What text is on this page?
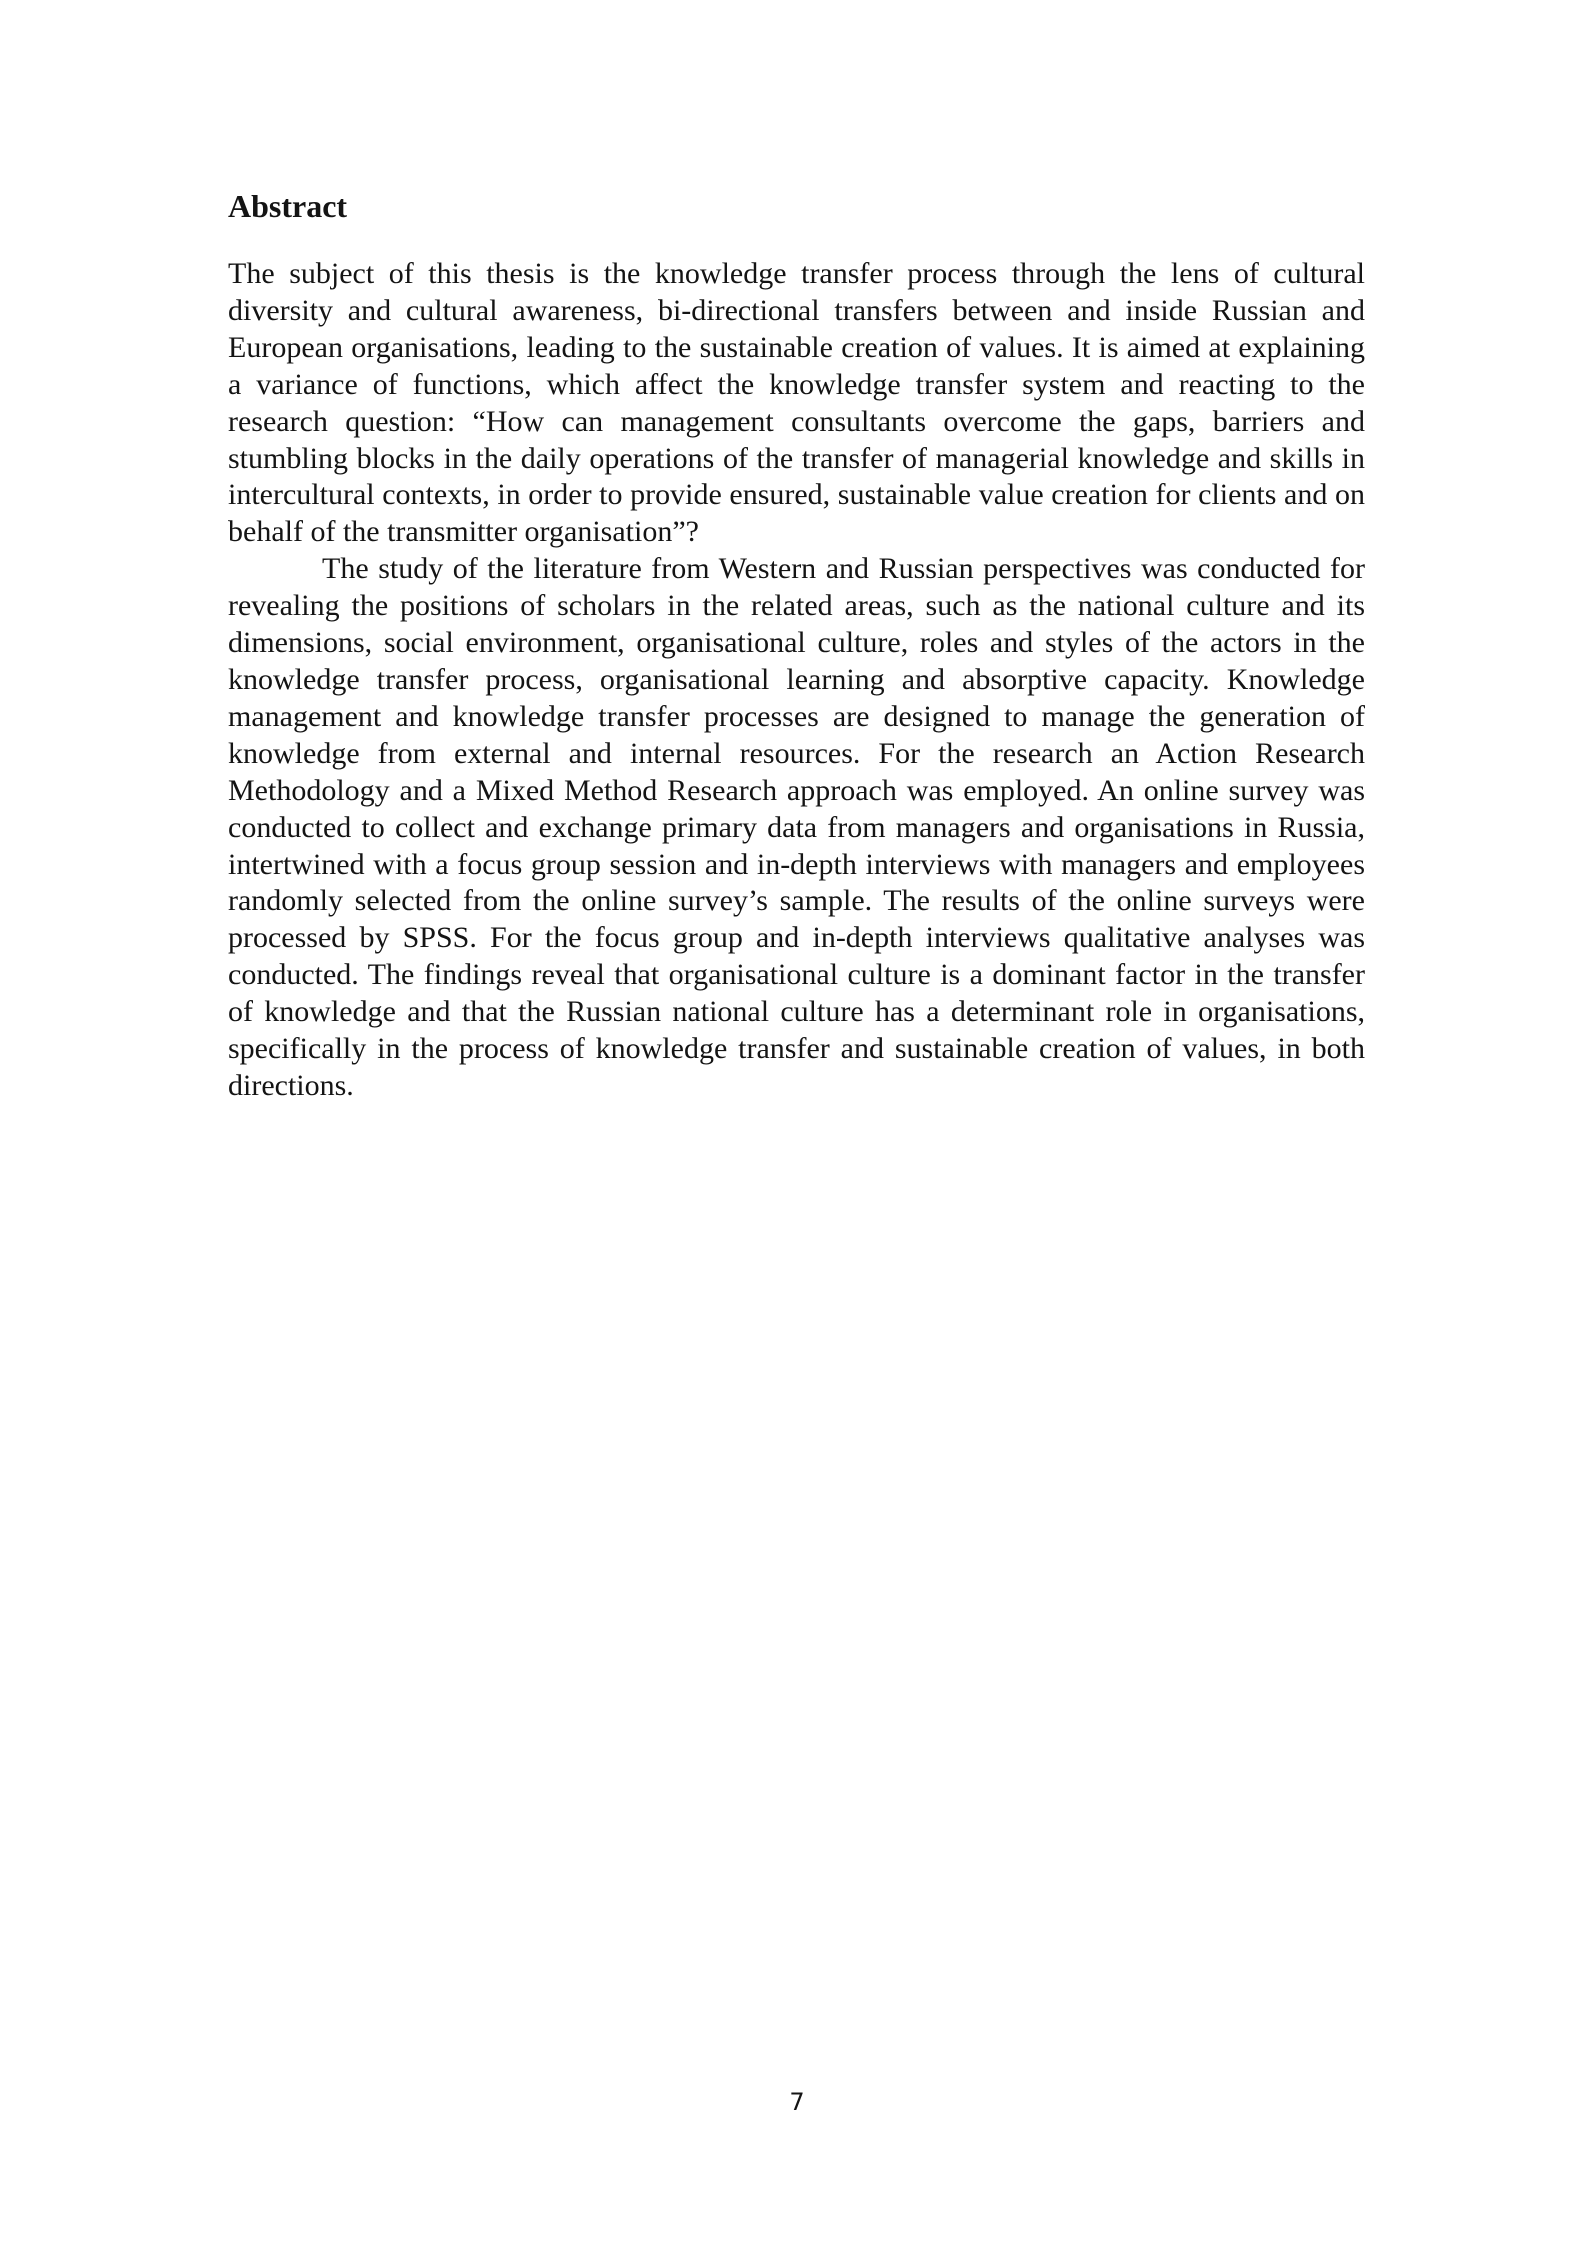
Abstract

The subject of this thesis is the knowledge transfer process through the lens of cultural diversity and cultural awareness, bi-directional transfers between and inside Russian and European organisations, leading to the sustainable creation of values. It is aimed at explaining a variance of functions, which affect the knowledge transfer system and reacting to the research question: “How can management consultants overcome the gaps, barriers and stumbling blocks in the daily operations of the transfer of managerial knowledge and skills in intercultural contexts, in order to provide ensured, sustainable value creation for clients and on behalf of the transmitter organisation”?

The study of the literature from Western and Russian perspectives was conducted for revealing the positions of scholars in the related areas, such as the national culture and its dimensions, social environment, organisational culture, roles and styles of the actors in the knowledge transfer process, organisational learning and absorptive capacity. Knowledge management and knowledge transfer processes are designed to manage the generation of knowledge from external and internal resources. For the research an Action Research Methodology and a Mixed Method Research approach was employed. An online survey was conducted to collect and exchange primary data from managers and organisations in Russia, intertwined with a focus group session and in-depth interviews with managers and employees randomly selected from the online survey’s sample. The results of the online surveys were processed by SPSS. For the focus group and in-depth interviews qualitative analyses was conducted. The findings reveal that organisational culture is a dominant factor in the transfer of knowledge and that the Russian national culture has a determinant role in organisations, specifically in the process of knowledge transfer and sustainable creation of values, in both directions.

7
